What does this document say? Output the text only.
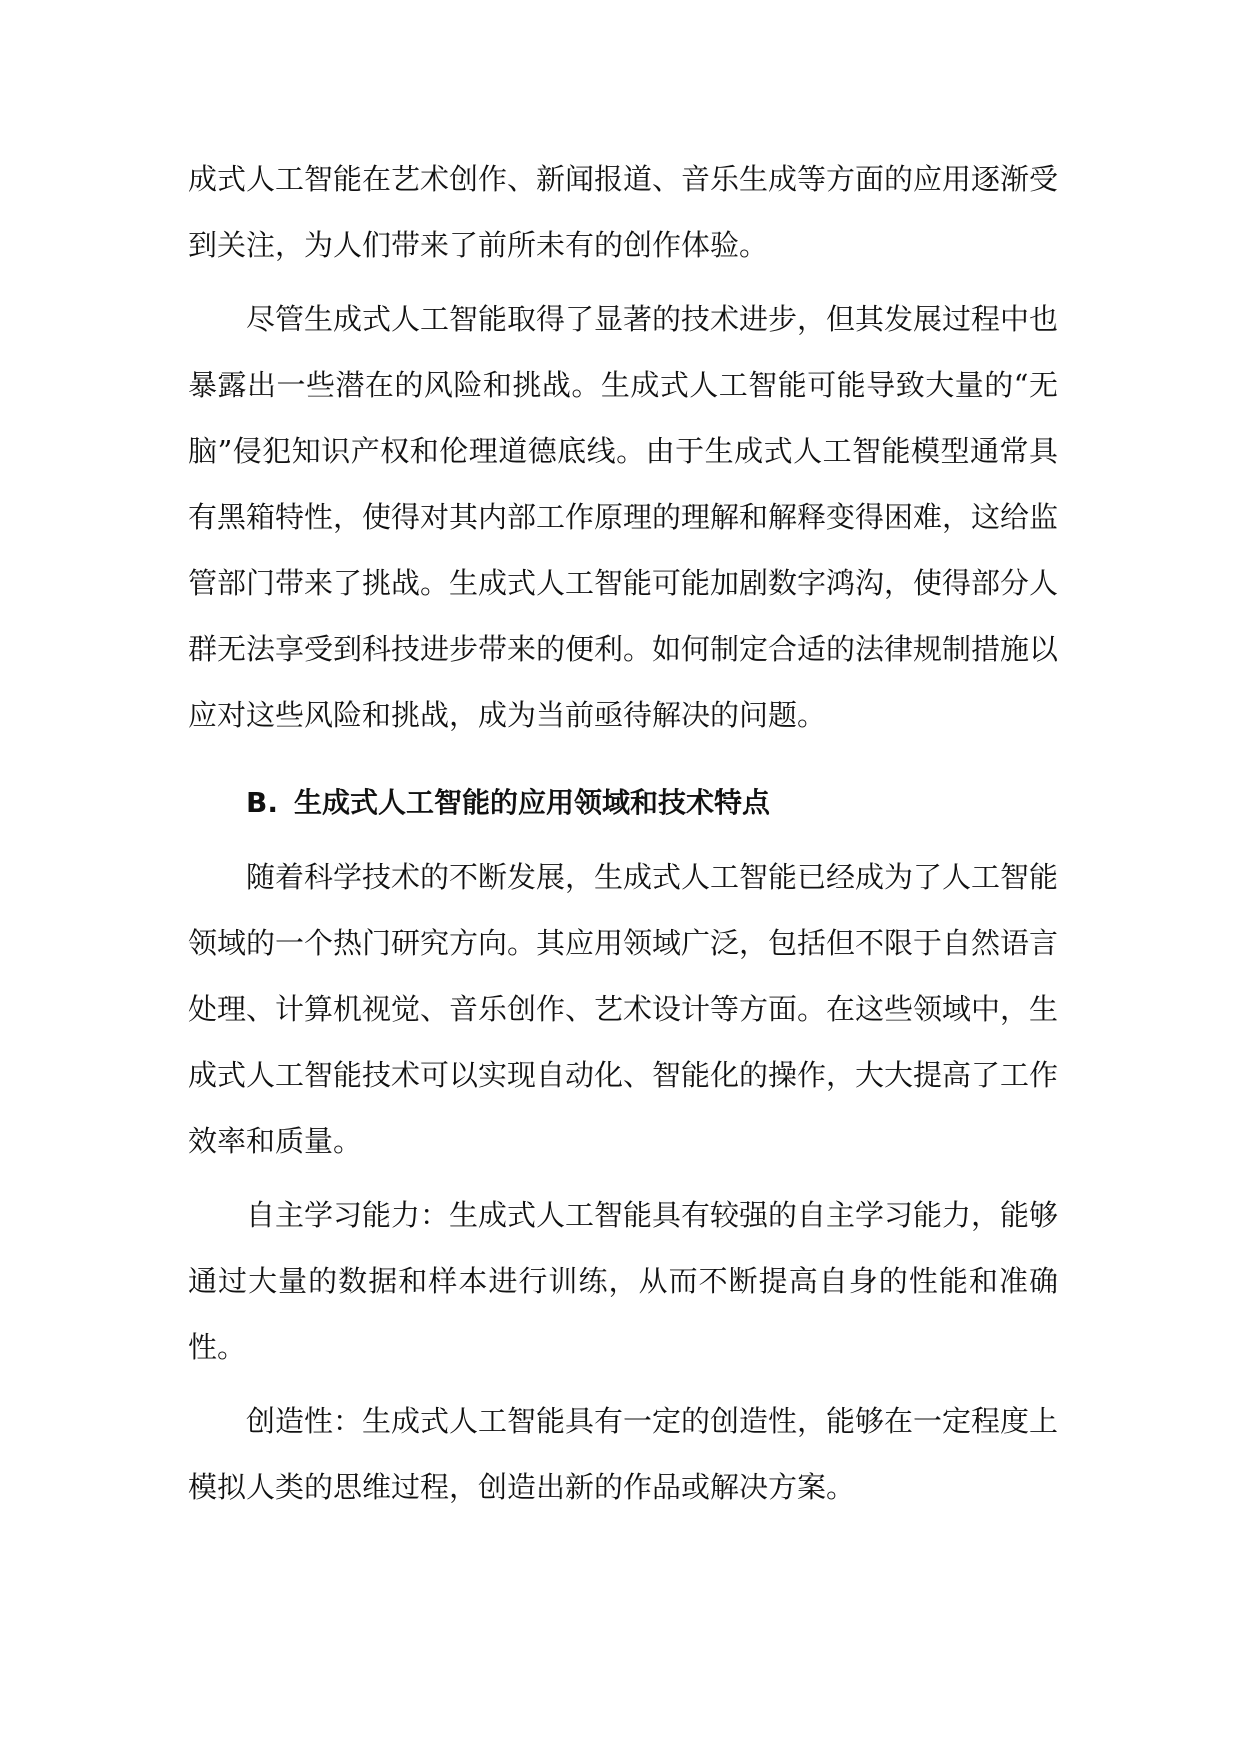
成式人工智能在艺术创作、新闻报道、音乐生成等方面的应用逐渐受到关注，为人们带来了前所未有的创作体验。

尽管生成式人工智能取得了显著的技术进步，但其发展过程中也暴露出一些潜在的风险和挑战。生成式人工智能可能导致大量的“无脑”侵犯知识产权和伦理道德底线。由于生成式人工智能模型通常具有黑箱特性，使得对其内部工作原理的理解和解释变得困难，这给监管部门带来了挑战。生成式人工智能可能加剧数字鸿沟，使得部分人群无法享受到科技进步带来的便利。如何制定合适的法律规制措施以应对这些风险和挑战，成为当前亟待解决的问题。

B. 生成式人工智能的应用领域和技术特点

随着科学技术的不断发展，生成式人工智能已经成为了人工智能领域的一个热门研究方向。其应用领域广泛，包括但不限于自然语言处理、计算机视觉、音乐创作、艺术设计等方面。在这些领域中，生成式人工智能技术可以实现自动化、智能化的操作，大大提高了工作效率和质量。

自主学习能力：生成式人工智能具有较强的自主学习能力，能够通过大量的数据和样本进行训练，从而不断提高自身的性能和准确性。

创造性：生成式人工智能具有一定的创造性，能够在一定程度上模拟人类的思维过程，创造出新的作品或解决方案。
